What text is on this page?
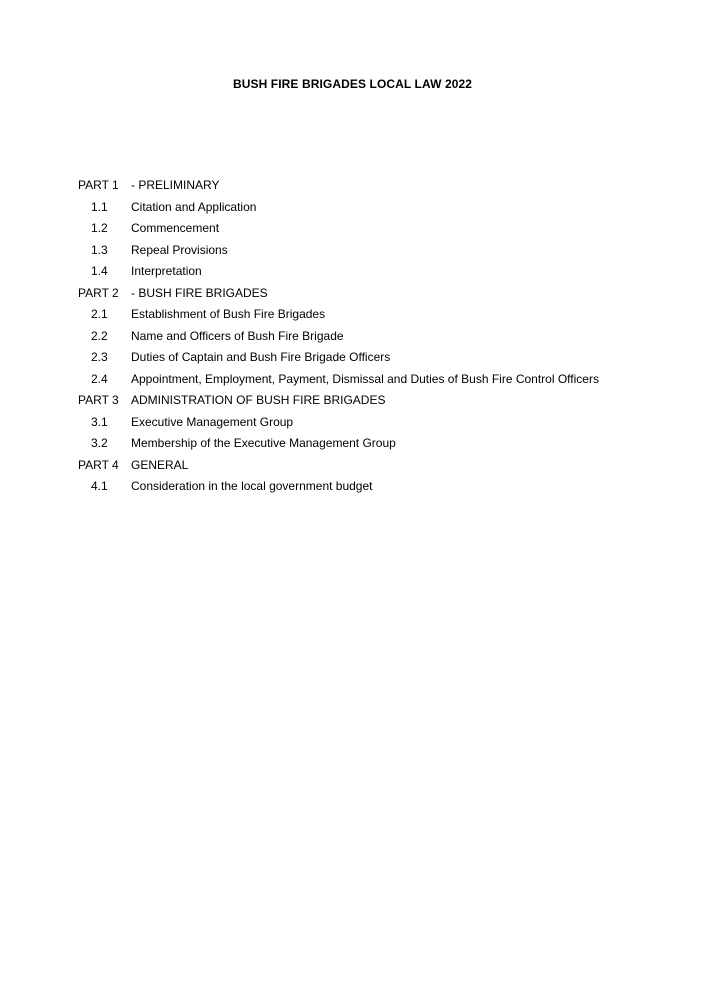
BUSH FIRE BRIGADES LOCAL LAW 2022
PART 1 - PRELIMINARY
1.1 Citation and Application
1.2 Commencement
1.3 Repeal Provisions
1.4 Interpretation
PART 2 - BUSH FIRE BRIGADES
2.1 Establishment of Bush Fire Brigades
2.2 Name and Officers of Bush Fire Brigade
2.3 Duties of Captain and Bush Fire Brigade Officers
2.4 Appointment, Employment, Payment, Dismissal and Duties of Bush Fire Control Officers
PART 3 ADMINISTRATION OF BUSH FIRE BRIGADES
3.1 Executive Management Group
3.2 Membership of the Executive Management Group
PART 4 GENERAL
4.1 Consideration in the local government budget
